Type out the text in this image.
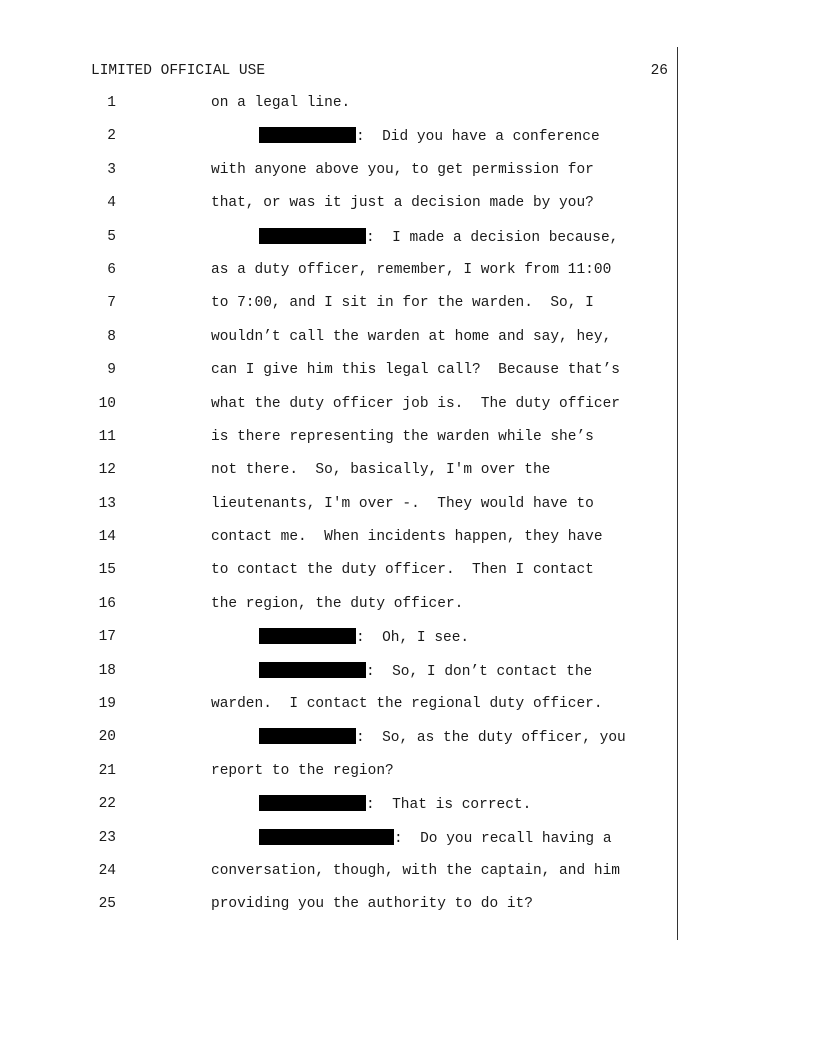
LIMITED OFFICIAL USE	26
1	on a legal line.
2	:  Did you have a conference
3	with anyone above you, to get permission for
4	that, or was it just a decision made by you?
5	:  I made a decision because,
6	as a duty officer, remember, I work from 11:00
7	to 7:00, and I sit in for the warden.  So, I
8	wouldn’t call the warden at home and say, hey,
9	can I give him this legal call?  Because that’s
10	what the duty officer job is.  The duty officer
11	is there representing the warden while she’s
12	not there.  So, basically, I'm over the
13	lieutenants, I'm over -.  They would have to
14	contact me.  When incidents happen, they have
15	to contact the duty officer.  Then I contact
16	the region, the duty officer.
17	:  Oh, I see.
18	:  So, I don’t contact the
19	warden.  I contact the regional duty officer.
20	:  So, as the duty officer, you
21	report to the region?
22	:  That is correct.
23	:  Do you recall having a
24	conversation, though, with the captain, and him
25	providing you the authority to do it?
